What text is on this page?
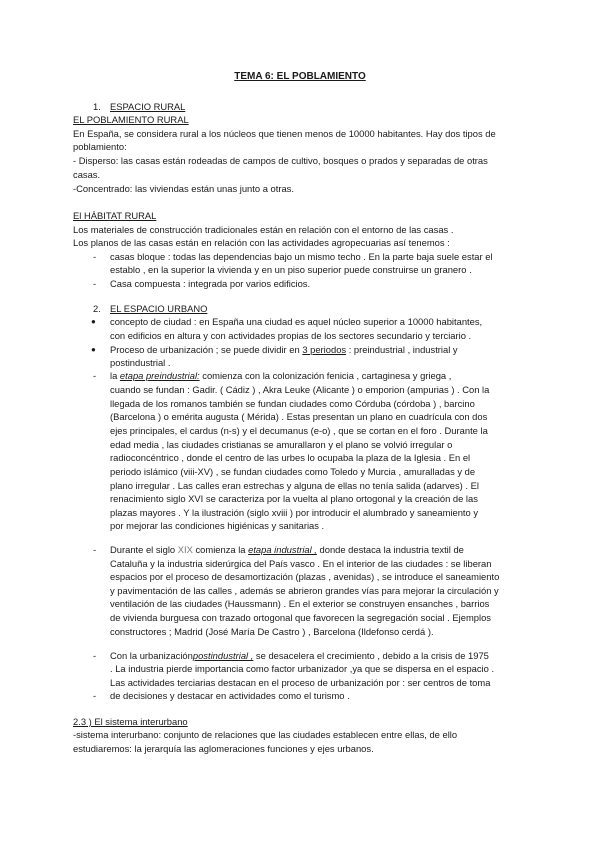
TEMA 6: EL POBLAMIENTO
1. ESPACIO RURAL
EL POBLAMIENTO RURAL
En España, se considera rural a los núcleos que tienen menos de 10000 habitantes. Hay dos tipos de
poblamiento:
- Disperso: las casas están rodeadas de campos de cultivo, bosques o prados y separadas de otras
casas.
-Concentrado: las viviendas están unas junto a otras.
El HÁBITAT RURAL
Los materiales de construcción tradicionales están en relación con el entorno de las casas .
Los planos de las casas están en relación con las actividades agropecuarias así tenemos :
- casas bloque : todas las dependencias bajo un mismo techo . En la parte baja suele estar el
establo , en la superior la vivienda y en un piso superior puede construirse un granero .
- Casa compuesta : integrada por varios edificios.
2. EL ESPACIO URBANO
● concepto de ciudad : en España una ciudad es aquel núcleo superior a 10000 habitantes,
con edificios en altura y con actividades propias de los sectores secundario y terciario .
● Proceso de urbanización ; se puede dividir en 3 periodos : preindustrial , industrial y
postindustrial .
- la etapa preindustrial: comienza con la colonización fenicia , cartaginesa y griega ,
cuando se fundan : Gadir. ( Cádiz ) , Akra Leuke (Alicante ) o emporion (ampurias ) . Con la
llegada de los romanos también se fundan ciudades como Córduba (córdoba ) , barcino
(Barcelona ) o emérita augusta ( Mérida) . Estas presentan un plano en cuadrícula con dos
ejes principales, el cardus (n-s) y el decumanus (e-o) , que se cortan en el foro . Durante la
edad media , las ciudades cristianas se amurallaron y el plano se volvió irregular o
radioconcéntrico , donde el centro de las urbes lo ocupaba la plaza de la Iglesia . En el
periodo islámico (viii-XV) , se fundan ciudades como Toledo y Murcia , amuralladas y de
plano irregular . Las calles eran estrechas y alguna de ellas no tenía salida (adarves) . El
renacimiento siglo XVI se caracteriza por la vuelta al plano ortogonal y la creación de las
plazas mayores . Y la ilustración (siglo xviii ) por introducir el alumbrado y saneamiento y
por mejorar las condiciones higiénicas y sanitarias .
- Durante el siglo XIX comienza la etapa industrial , donde destaca la industria textil de
Cataluña y la industria siderúrgica del País vasco . En el interior de las ciudades : se liberan
espacios por el proceso de desamortización (plazas , avenidas) , se introduce el saneamiento
y pavimentación de las calles , además se abrieron grandes vías para mejorar la circulación y
ventilación de las ciudades (Haussmann) . En el exterior se construyen ensanches , barrios
de vivienda burguesa con trazado ortogonal que favorecen la segregación social . Ejemplos
constructores ; Madrid (José María De Castro ) , Barcelona (Ildefonso cerdá ).
- Con la urbanizaciónpostindustrial , se desacelera el crecimiento , debido a la crisis de 1975
. La industria pierde importancia como factor urbanizador ,ya que se dispersa en el espacio .
Las actividades terciarias destacan en el proceso de urbanización por : ser centros de toma
- de decisiones y destacar en actividades como el turismo .
2.3 ) El sistema interurbano
-sistema interurbano: conjunto de relaciones que las ciudades establecen entre ellas, de ello
estudiaremos: la jerarquía las aglomeraciones funciones y ejes urbanos.
